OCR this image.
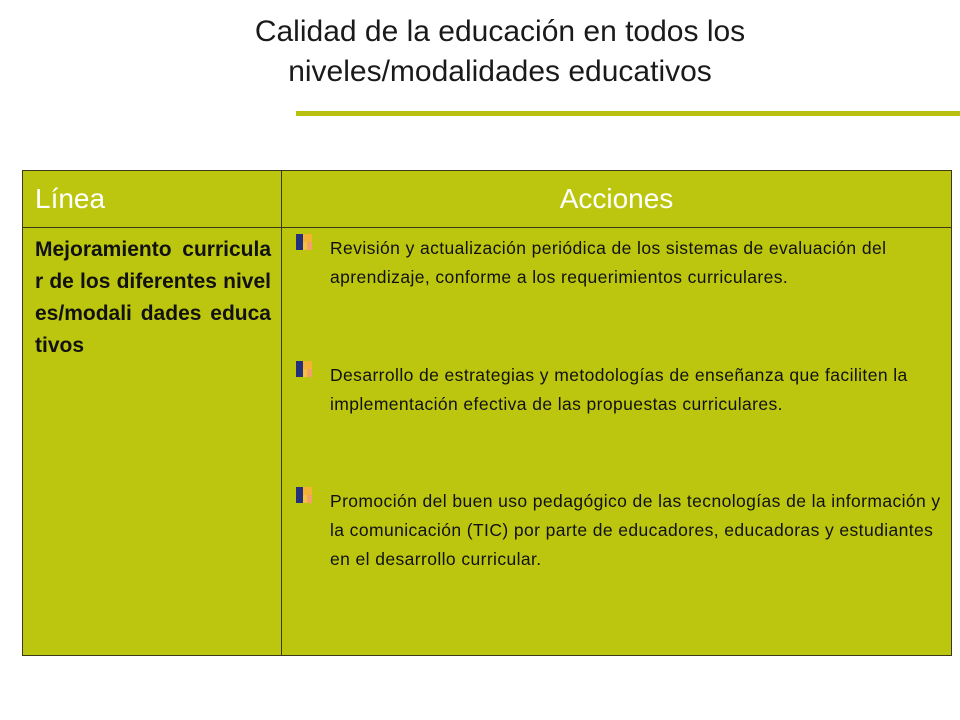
Calidad de la educación en todos los niveles/modalidades educativos
Línea	Acciones
Mejoramiento curricular de los diferentes niveles/modali dades educativos	Revisión y actualización periódica de los sistemas de evaluación del aprendizaje, conforme a los requerimientos curriculares.
Desarrollo de estrategias y metodologías de enseñanza que faciliten la implementación efectiva de las propuestas curriculares.
Promoción del buen uso pedagógico de las tecnologías de la información y la comunicación (TIC) por parte de educadores, educadoras y estudiantes en el desarrollo curricular.
